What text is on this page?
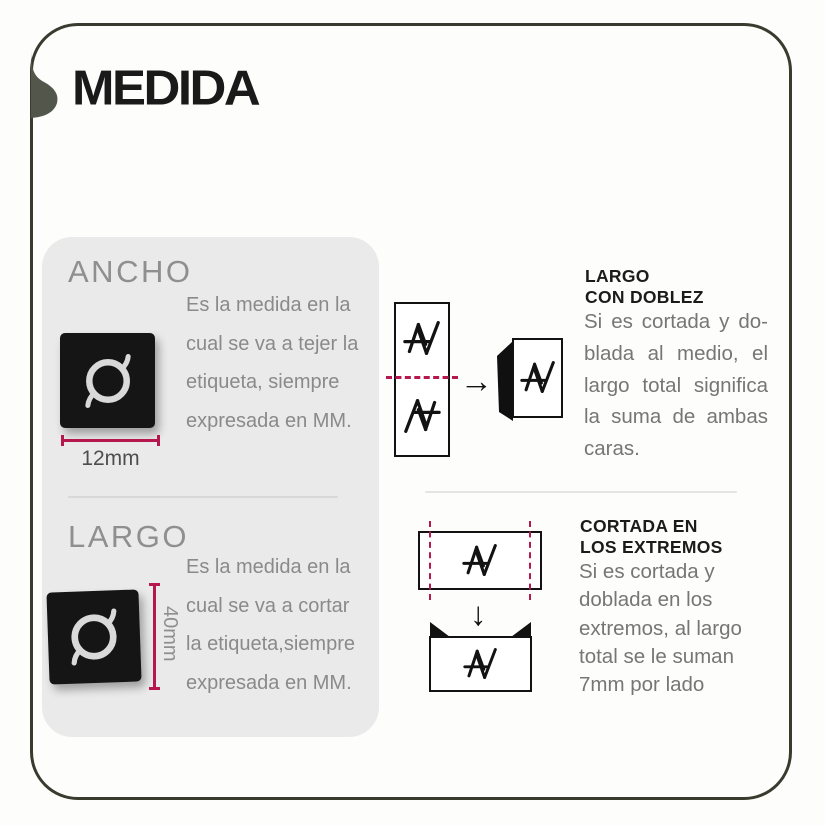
MEDIDA
ANCHO
12mm
Es la medida en la
cual se va a tejer la
etiqueta, siempre
expresada en MM.
LARGO
40mm
Es la medida en la
cual se va a cortar
la etiqueta,siempre
expresada en MM.
→
LARGO
CON DOBLEZ
Si es cortada y do-
blada al medio, el
largo total significa
la suma de ambas
caras.
↓
CORTADA EN
LOS EXTREMOS
Si es cortada y
doblada en los
extremos, al largo
total se le suman
7mm por lado
